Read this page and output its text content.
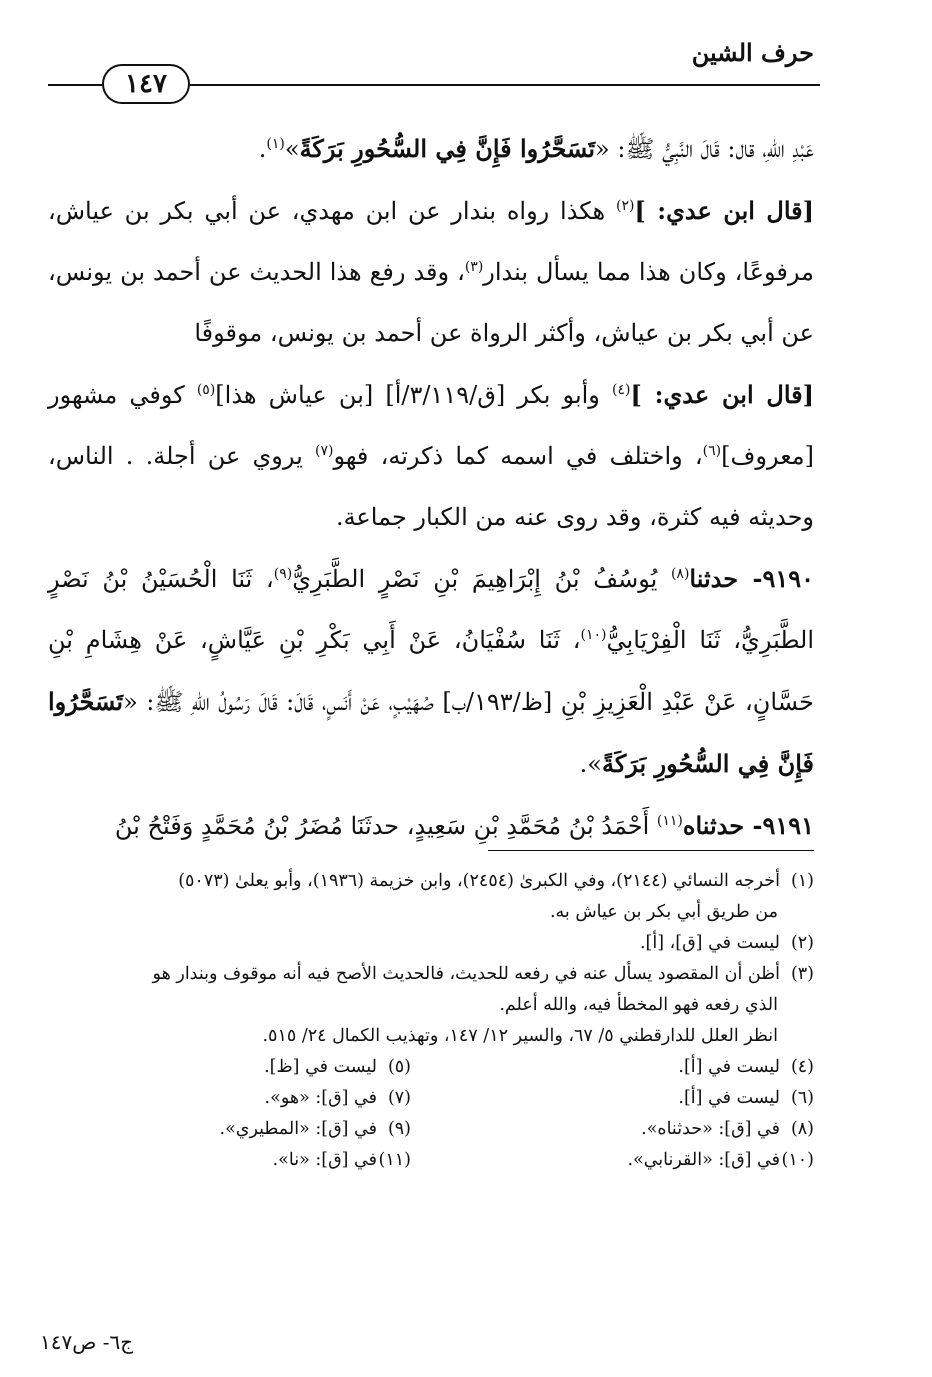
حرف الشين
١٤٧

عَبْدِ اللهِ، قال: قَالَ النَّبِيُّ ﷺ: «تَسَحَّرُوا فَإِنَّ فِي السُّحُورِ بَرَكَةً»$^{(١)}$.

[قال ابن عدي: ]$^{(٢)}$ هكذا رواه بندار عن ابن مهدي، عن أبي بكر بن عياش، مرفوعًا، وكان هذا مما يسأل بندار$^{(٣)}$، وقد رفع هذا الحديث عن أحمد بن يونس، عن أبي بكر بن عياش، وأكثر الرواة عن أحمد بن يونس، موقوفًا

[قال ابن عدي: ]$^{(٤)}$ وأبو بكر [ق/٣/١١٩/أ] [بن عياش هذا]$^{(٥)}$ كوفي مشهور [معروف]$^{(٦)}$، واختلف في اسمه كما ذكرته، فهو$^{(٧)}$ يروي عن أجلة. . الناس، وحديثه فيه كثرة، وقد روى عنه من الكبار جماعة.

٩١٩٠- حدثنا$^{(٨)}$ يُوسُفُ بْنُ إِبْرَاهِيمَ بْنِ نَصْرٍ الطَّبَرِيُّ$^{(٩)}$، ثَنَا الْحُسَيْنُ بْنُ نَصْرٍ الطَّبَرِيُّ، ثَنَا الْفِرْيَابِيُّ$^{(١٠)}$، ثَنَا سُفْيَانُ، عَنْ أَبِي بَكْرِ بْنِ عَيَّاشٍ، عَنْ هِشَامِ بْنِ حَسَّانٍ، عَنْ عَبْدِ الْعَزِيزِ بْنِ [ظ/١٩٣/ب] صُهَيْبٍ، عَنْ أَنَسٍ، قَالَ: قَالَ رَسُولُ اللهِ ﷺ: «تَسَحَّرُوا فَإِنَّ فِي السُّحُورِ بَرَكَةً».

٩١٩١- حدثناه$^{(١١)}$ أَحْمَدُ بْنُ مُحَمَّدِ بْنِ سَعِيدٍ، حدثَنَا مُضَرُ بْنُ مُحَمَّدٍ وَفَتْحُ بْنُ

(١)أخرجه النسائي (٢١٤٤)، وفي الكبرىٰ (٢٤٥٤)، وابن خزيمة (١٩٣٦)، وأبو يعلىٰ (٥٠٧٣)

من طريق أبي بكر بن عياش به.

(٢)ليست في [ق]، [أ].

(٣)أظن أن المقصود يسأل عنه في رفعه للحديث، فالحديث الأصح فيه أنه موقوف وبندار هو

الذي رفعه فهو المخطأ فيه، والله أعلم.

انظر العلل للدارقطني ٥/ ٦٧، والسير ١٢/ ١٤٧، وتهذيب الكمال ٢٤/ ٥١٥.

(٤)ليست في [أ].
(٥)ليست في [ظ].
(٦)ليست في [أ].
(٧)في [ق]: «هو».
(٨)في [ق]: «حدثناه».
(٩)في [ق]: «المطيري».
(١٠)في [ق]: «القرنابي».
(١١)في [ق]: «نا».
ج٦- ص١٤٧
